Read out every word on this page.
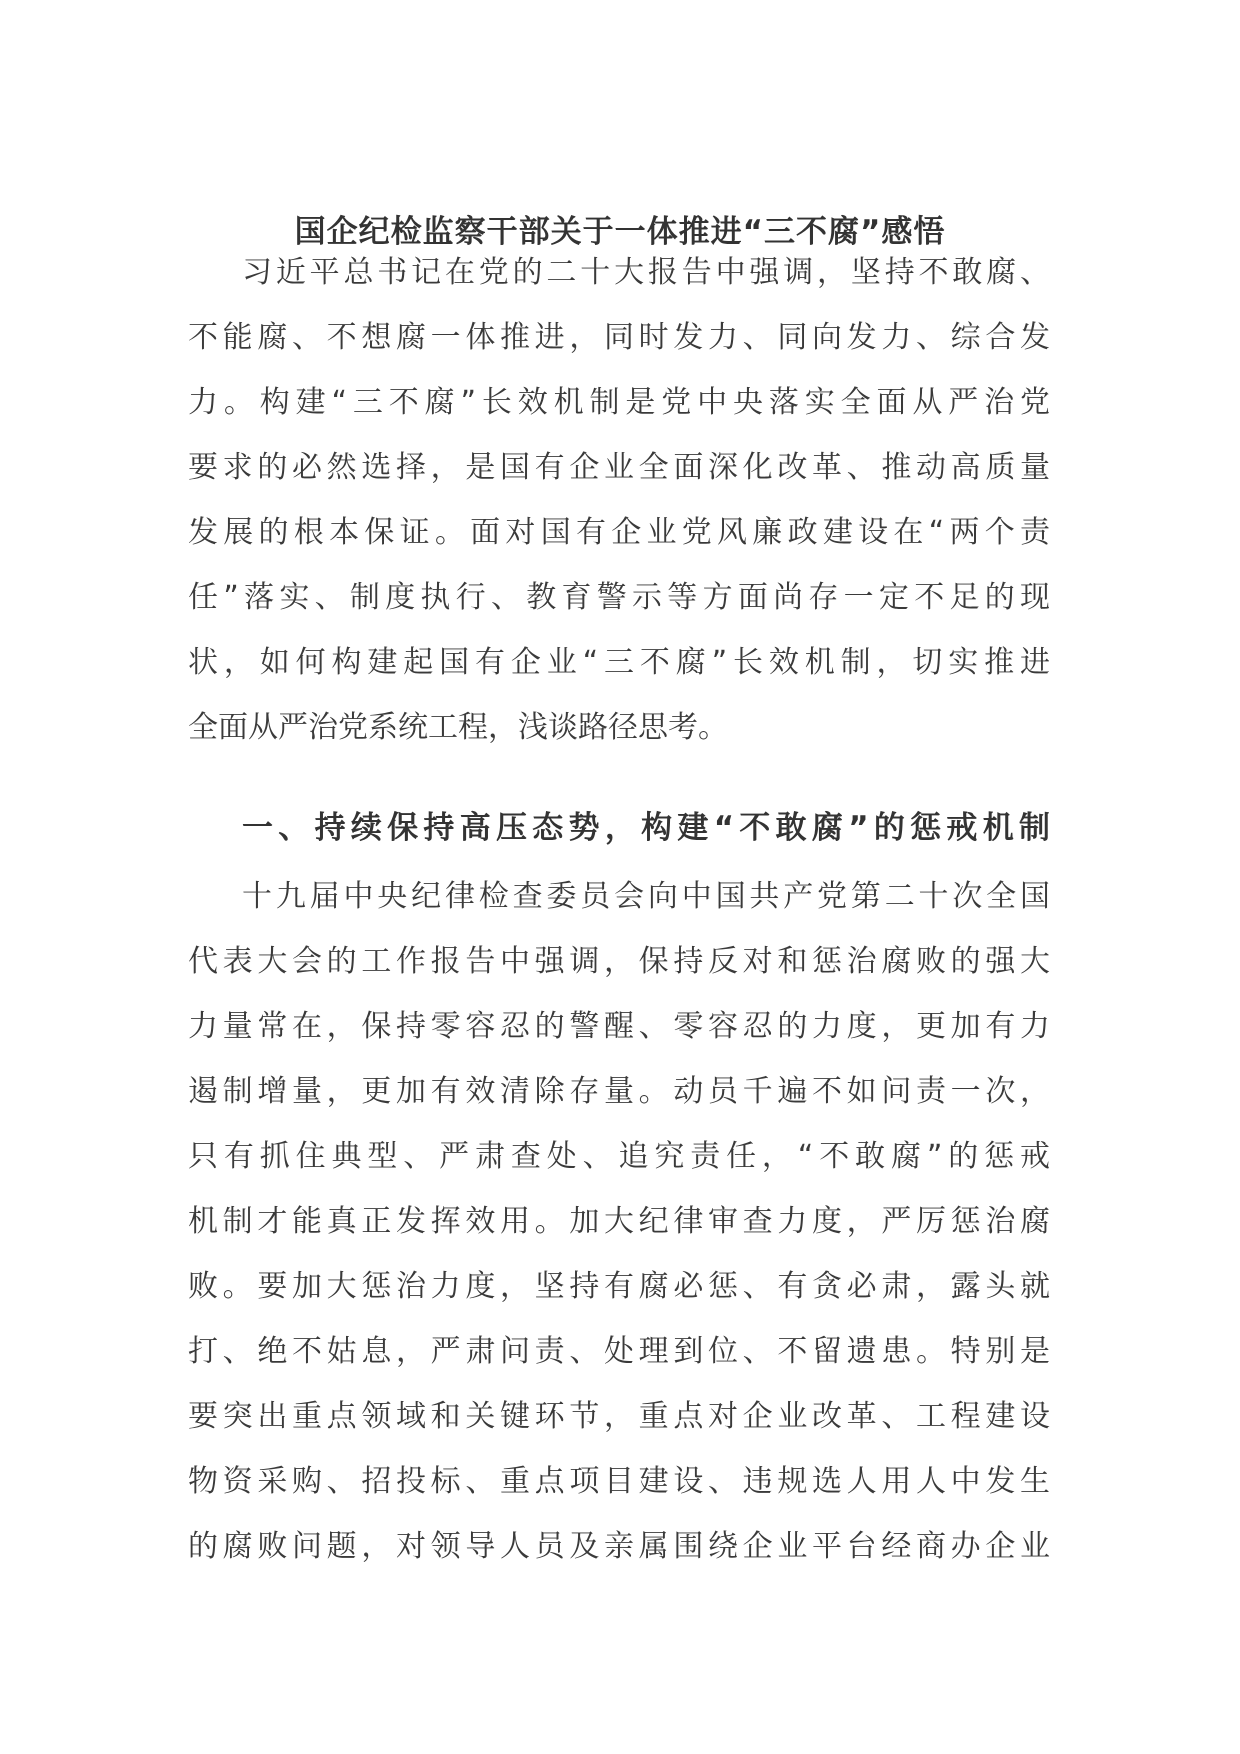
国企纪检监察干部关于一体推进“三不腐”感悟
习近平总书记在党的二十大报告中强调，坚持不敢腐、
不能腐、不想腐一体推进，同时发力、同向发力、综合发
力。构建“三不腐”长效机制是党中央落实全面从严治党
要求的必然选择，是国有企业全面深化改革、推动高质量
发展的根本保证。面对国有企业党风廉政建设在“两个责
任”落实、制度执行、教育警示等方面尚存一定不足的现
状，如何构建起国有企业“三不腐”长效机制，切实推进
全面从严治党系统工程，浅谈路径思考。
一、持续保持高压态势，构建“不敢腐”的惩戒机制
十九届中央纪律检查委员会向中国共产党第二十次全国
代表大会的工作报告中强调，保持反对和惩治腐败的强大
力量常在，保持零容忍的警醒、零容忍的力度，更加有力
遏制增量，更加有效清除存量。动员千遍不如问责一次，
只有抓住典型、严肃查处、追究责任，“不敢腐”的惩戒
机制才能真正发挥效用。加大纪律审查力度，严厉惩治腐
败。要加大惩治力度，坚持有腐必惩、有贪必肃，露头就
打、绝不姑息，严肃问责、处理到位、不留遗患。特别是
要突出重点领域和关键环节，重点对企业改革、工程建设
物资采购、招投标、重点项目建设、违规选人用人中发生
的腐败问题，对领导人员及亲属围绕企业平台经商办企业
